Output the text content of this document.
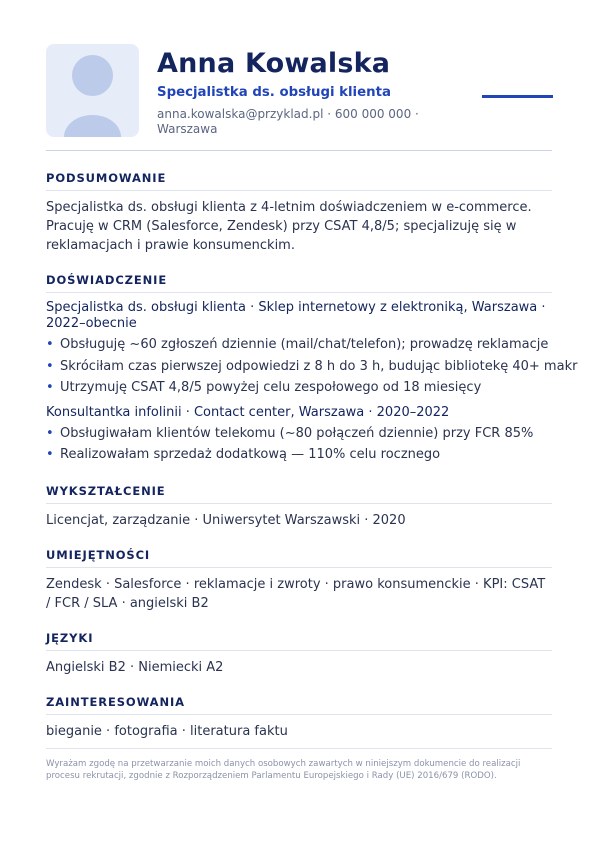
Anna Kowalska
Specjalistka ds. obsługi klienta
anna.kowalska@przyklad.pl · 600 000 000 ·
Warszawa
PODSUMOWANIE
Specjalistka ds. obsługi klienta z 4-letnim doświadczeniem w e-commerce. Pracuję w CRM (Salesforce, Zendesk) przy CSAT 4,8/5; specjalizuję się w reklamacjach i prawie konsumenckim.
DOŚWIADCZENIE
Specjalistka ds. obsługi klienta · Sklep internetowy z elektroniką, Warszawa · 2022–obecnie
• Obsługuję ~60 zgłoszeń dziennie (mail/chat/telefon); prowadzę reklamacje
• Skróciłam czas pierwszej odpowiedzi z 8 h do 3 h, budując bibliotekę 40+ makr
• Utrzymuję CSAT 4,8/5 powyżej celu zespołowego od 18 miesięcy
Konsultantka infolinii · Contact center, Warszawa · 2020–2022
• Obsługiwałam klientów telekomu (~80 połączeń dziennie) przy FCR 85%
• Realizowałam sprzedaż dodatkową — 110% celu rocznego
WYKSZTAŁCENIE
Licencjat, zarządzanie · Uniwersytet Warszawski · 2020
UMIEJĘTNOŚCI
Zendesk · Salesforce · reklamacje i zwroty · prawo konsumenckie · KPI: CSAT / FCR / SLA · angielski B2
JĘZYKI
Angielski B2 · Niemiecki A2
ZAINTERESOWANIA
bieganie · fotografia · literatura faktu
Wyrażam zgodę na przetwarzanie moich danych osobowych zawartych w niniejszym dokumencie do realizacji procesu rekrutacji, zgodnie z Rozporządzeniem Parlamentu Europejskiego i Rady (UE) 2016/679 (RODO).
